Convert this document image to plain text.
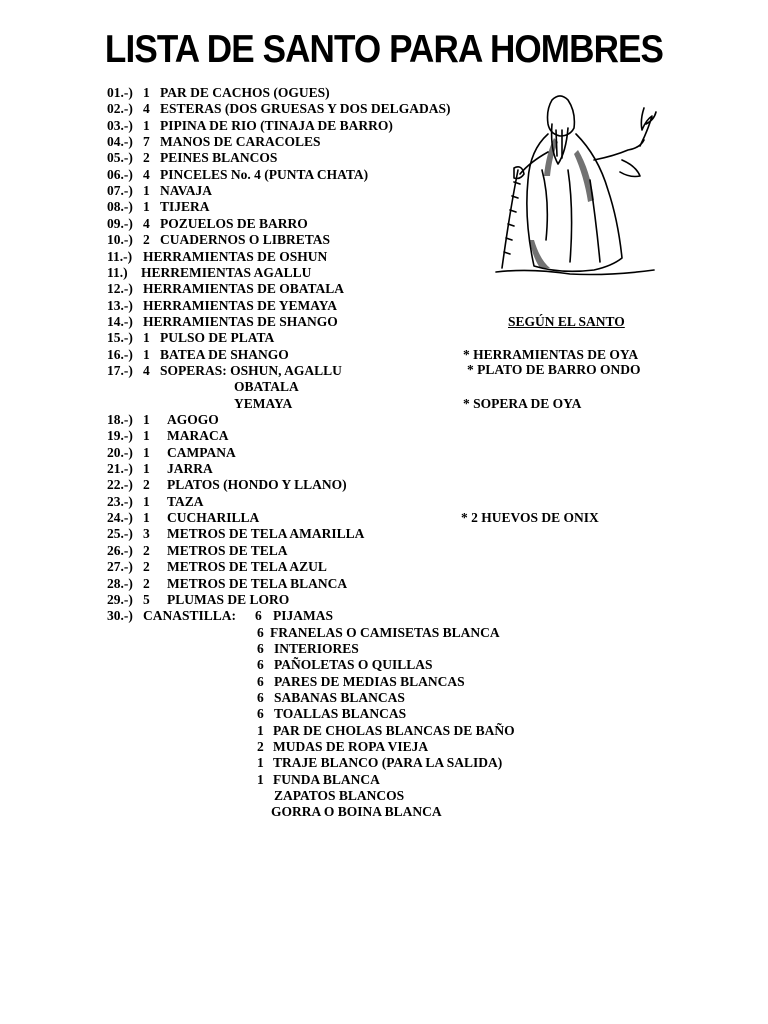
LISTA DE SANTO PARA HOMBRES
01.-) 1 PAR DE CACHOS (OGUES)
02.-) 4 ESTERAS (DOS GRUESAS Y DOS DELGADAS)
03.-) 1 PIPINA DE RIO (TINAJA DE BARRO)
04.-) 7 MANOS DE CARACOLES
05.-) 2 PEINES BLANCOS
06.-) 4 PINCELES No. 4 (PUNTA CHATA)
07.-) 1 NAVAJA
08.-) 1 TIJERA
09.-) 4 POZUELOS DE BARRO
10.-) 2 CUADERNOS O LIBRETAS
11.-) HERRAMIENTAS DE OSHUN
11.) HERREMIENTAS AGALLU
12.-) HERRAMIENTAS DE OBATALA
13.-) HERRAMIENTAS DE YEMAYA
14.-) HERRAMIENTAS DE SHANGO
15.-) 1 PULSO DE PLATA
16.-) 1 BATEA DE SHANGO
17.-) 4 SOPERAS: OSHUN, AGALLU
OBATALA
YEMAYA
18.-) 1 AGOGO
19.-) 1 MARACA
20.-) 1 CAMPANA
21.-) 1 JARRA
22.-) 2 PLATOS (HONDO Y LLANO)
23.-) 1 TAZA
24.-) 1 CUCHARILLA
25.-) 3 METROS DE TELA AMARILLA
26.-) 2 METROS DE TELA
27.-) 2 METROS DE TELA AZUL
28.-) 2 METROS DE TELA BLANCA
29.-) 5 PLUMAS DE LORO
30.-) CANASTILLA: 6 PIJAMAS
6 FRANELAS O CAMISETAS BLANCA
6 INTERIORES
6 PAÑOLETAS O QUILLAS
6 PARES DE MEDIAS BLANCAS
6 SABANAS BLANCAS
6 TOALLAS BLANCAS
1 PAR DE CHOLAS BLANCAS DE BAÑO
2 MUDAS DE ROPA VIEJA
1 TRAJE BLANCO (PARA LA SALIDA)
1 FUNDA BLANCA
ZAPATOS BLANCOS
GORRA O BOINA BLANCA
SEGÚN EL SANTO
* HERRAMIENTAS DE OYA
* PLATO DE BARRO ONDO
* SOPERA DE OYA
* 2 HUEVOS DE ONIX
